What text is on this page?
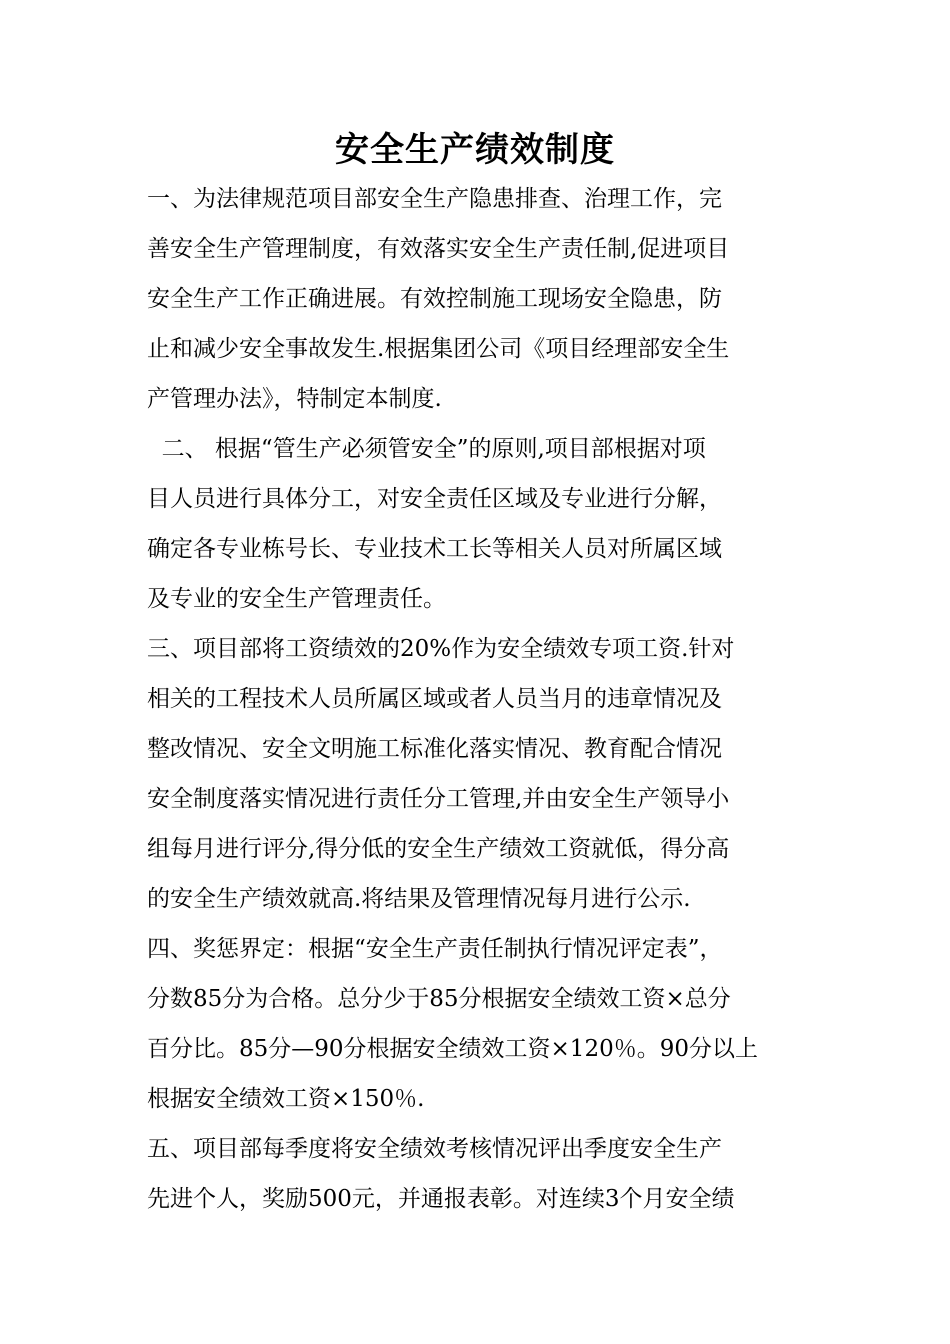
安全生产绩效制度

一、为法律规范项目部安全生产隐患排查、治理工作，完

善安全生产管理制度，有效落实安全生产责任制,促进项目

安全生产工作正确进展。有效控制施工现场安全隐患，防

止和减少安全事故发生.根据集团公司《项目经理部安全生

产管理办法》，特制定本制度.

二、 根据“管生产必须管安全”的原则,项目部根据对项

目人员进行具体分工，对安全责任区域及专业进行分解，

确定各专业栋号长、专业技术工长等相关人员对所属区域

及专业的安全生产管理责任。

三、项目部将工资绩效的20%作为安全绩效专项工资.针对

相关的工程技术人员所属区域或者人员当月的违章情况及

整改情况、安全文明施工标准化落实情况、教育配合情况

安全制度落实情况进行责任分工管理,并由安全生产领导小

组每月进行评分,得分低的安全生产绩效工资就低，得分高

的安全生产绩效就高.将结果及管理情况每月进行公示.

四、奖惩界定：根据“安全生产责任制执行情况评定表”，

分数85分为合格。总分少于85分根据安全绩效工资×总分

百分比。85分—90分根据安全绩效工资×120％。90分以上

根据安全绩效工资×150％.

五、项目部每季度将安全绩效考核情况评出季度安全生产

先进个人，奖励500元，并通报表彰。对连续3个月安全绩
